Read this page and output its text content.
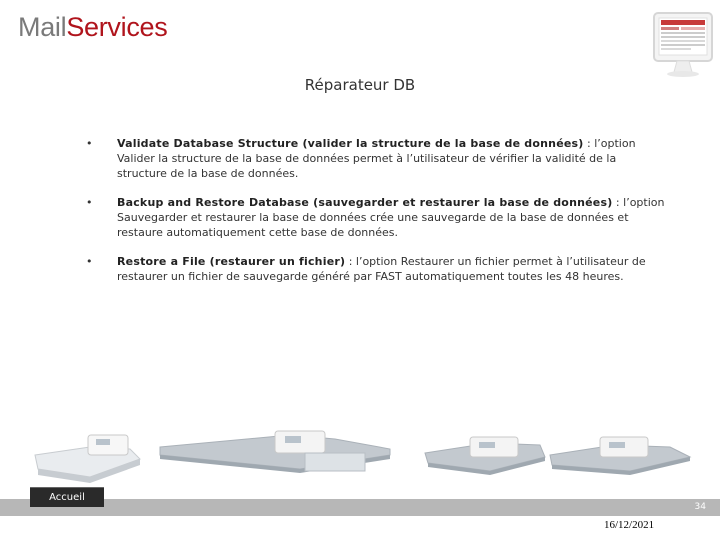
MailServices
Réparateur DB
• Validate Database Structure (valider la structure de la base de données) : l’option Valider la structure de la base de données permet à l’utilisateur de vérifier la validité de la structure de la base de données.
• Backup and Restore Database (sauvegarder et restaurer la base de données) : l’option Sauvegarder et restaurer la base de données crée une sauvegarde de la base de données et restaure automatiquement cette base de données.
• Restore a File (restaurer un fichier) : l’option Restaurer un fichier permet à l’utilisateur de restaurer un fichier de sauvegarde généré par FAST automatiquement toutes les 48 heures.
Accueil
34
16/12/2021
